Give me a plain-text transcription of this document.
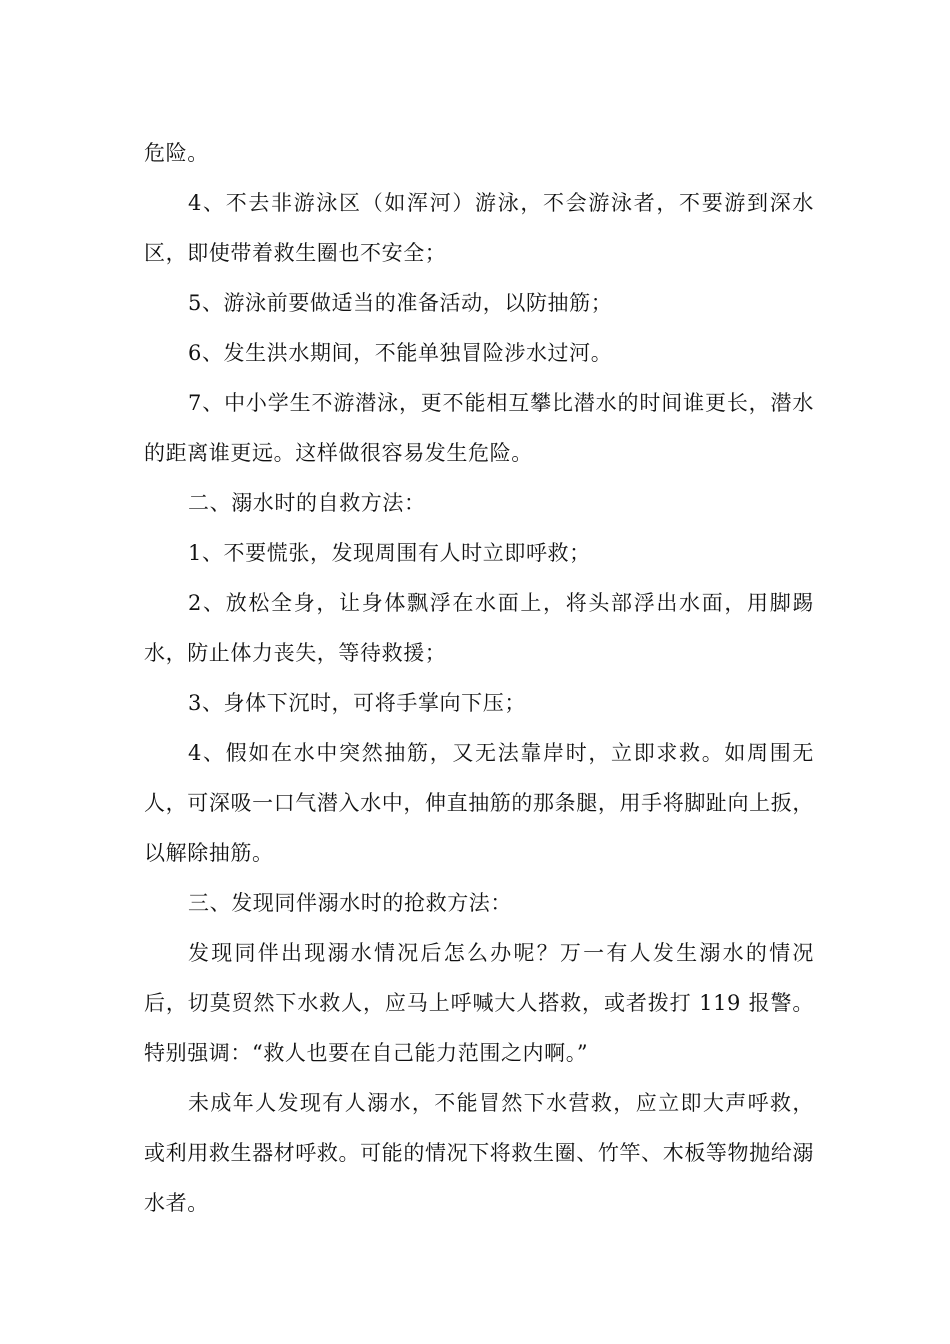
危险。

4、不去非游泳区（如浑河）游泳，不会游泳者，不要游到深水区，即使带着救生圈也不安全；

5、游泳前要做适当的准备活动，以防抽筋；

6、发生洪水期间，不能单独冒险涉水过河。

7、中小学生不游潜泳，更不能相互攀比潜水的时间谁更长，潜水的距离谁更远。这样做很容易发生危险。

二、溺水时的自救方法：

1、不要慌张，发现周围有人时立即呼救；

2、放松全身，让身体飘浮在水面上，将头部浮出水面，用脚踢水，防止体力丧失，等待救援；

3、身体下沉时，可将手掌向下压；

4、假如在水中突然抽筋，又无法靠岸时，立即求救。如周围无人，可深吸一口气潜入水中，伸直抽筋的那条腿，用手将脚趾向上扳，以解除抽筋。

三、发现同伴溺水时的抢救方法：

发现同伴出现溺水情况后怎么办呢？万一有人发生溺水的情况后，切莫贸然下水救人，应马上呼喊大人搭救，或者拨打 119 报警。 特别强调：“救人也要在自己能力范围之内啊。”

未成年人发现有人溺水，不能冒然下水营救，应立即大声呼救，或利用救生器材呼救。可能的情况下将救生圈、竹竿、木板等物抛给溺水者。
